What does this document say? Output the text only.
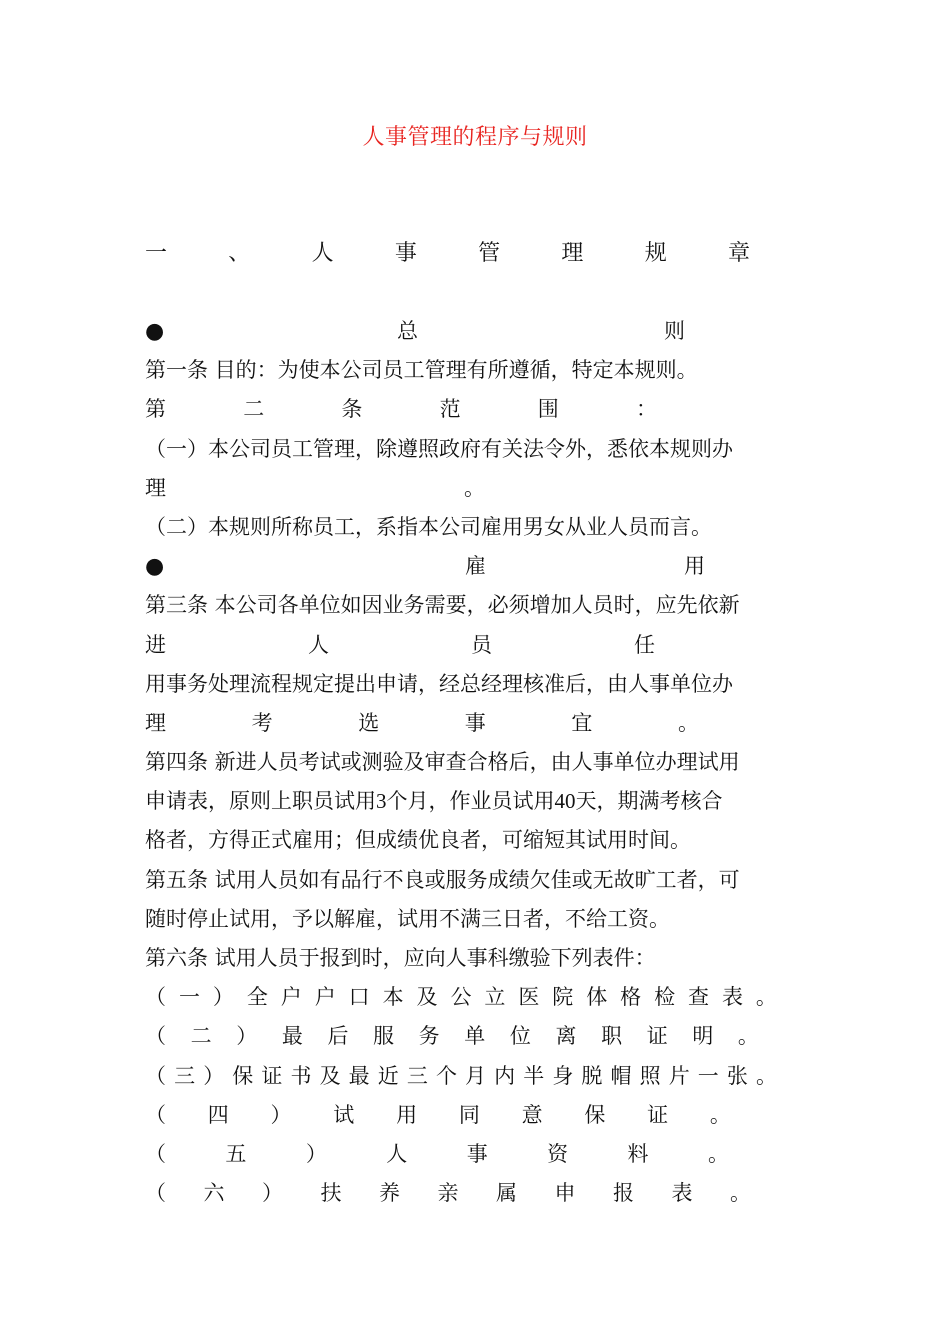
人事管理的程序与规则
一	、	人	事	管	理	规	章
●	总	则
第一条 目的：为使本公司员工管理有所遵循，特定本规则。
第	二	条	范	围	：
（一）本公司员工管理，除遵照政府有关法令外，悉依本规则办
理	。
（二）本规则所称员工，系指本公司雇用男女从业人员而言。
●	雇	用
第三条 本公司各单位如因业务需要，必须增加人员时，应先依新
进	人	员	任
用事务处理流程规定提出申请，经总经理核准后，由人事单位办
理	考	选	事	宜	。
第四条 新进人员考试或测验及审查合格后，由人事单位办理试用
申请表，原则上职员试用3个月，作业员试用40天，期满考核合
格者，方得正式雇用；但成绩优良者，可缩短其试用时间。
第五条 试用人员如有品行不良或服务成绩欠佳或无故旷工者，可
随时停止试用，予以解雇，试用不满三日者，不给工资。
第六条 试用人员于报到时，应向人事科缴验下列表件：
（ 一 ） 全 户 户 口 本 及 公 立 医 院 体 格 检 查 表 。
（ 二 ） 最 后 服 务 单 位 离 职 证 明 。
（ 三 ） 保 证 书 及 最 近 三 个 月 内 半 身 脱 帽 照 片 一 张 。
（ 四 ） 试 用 同 意 保 证 。
（	五	）	人	事	资	料	。
（ 六 ） 扶 养 亲 属 申 报 表 。
